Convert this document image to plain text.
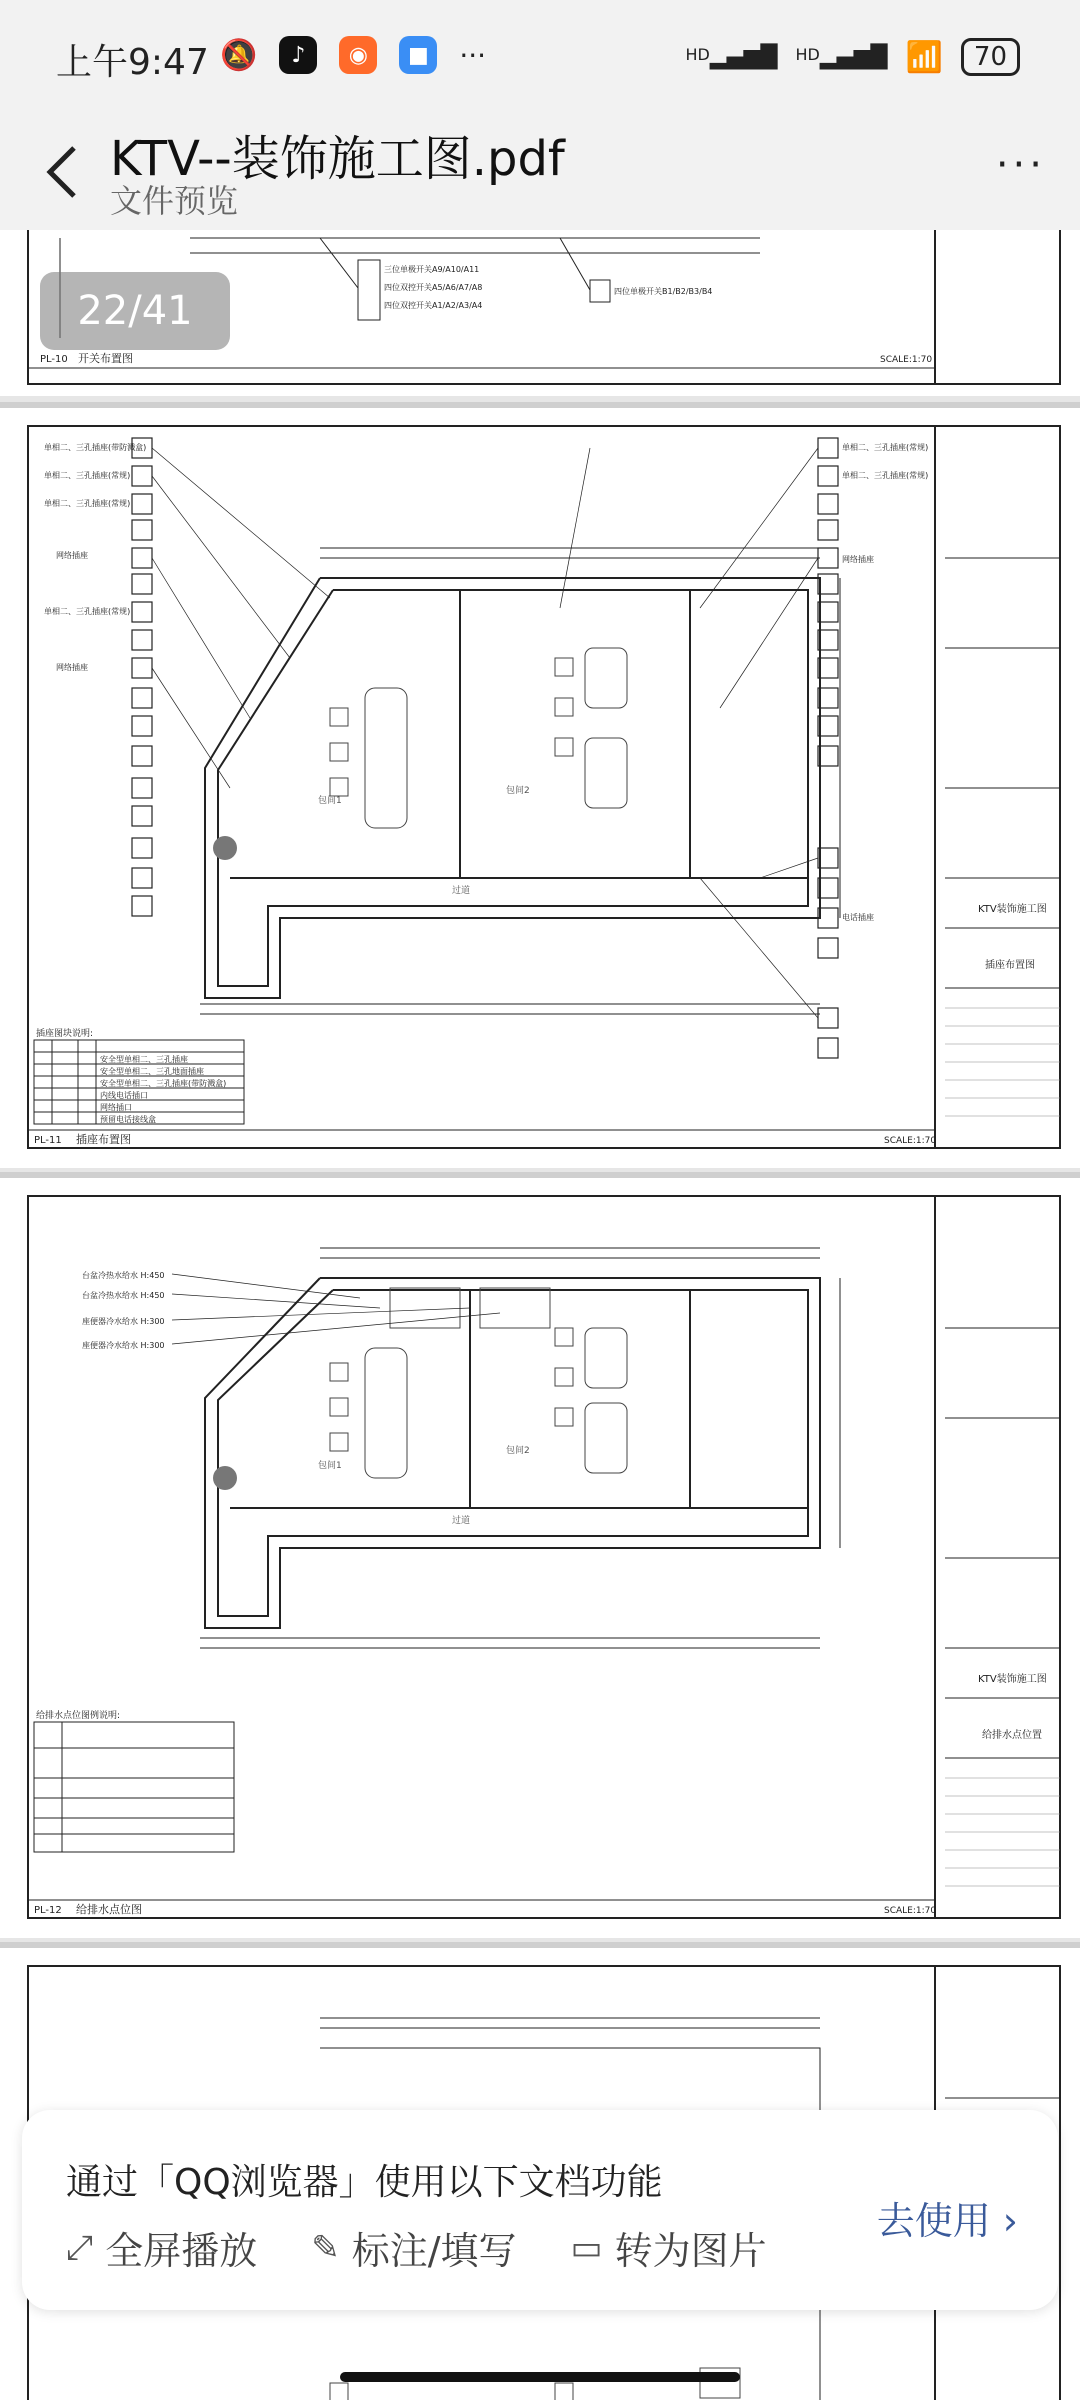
上午9:47 🔕	♪	◉	■	···	$^{HD}$▂▄▆█ $^{HD}$▂▄▆█ 📶	70
KTV--装饰施工图.pdf
文件预览
···
PL-10 开关布置图	SCALE:1:70
三位单极开关A9/A10/A11
四位双控开关A5/A6/A7/A8
四位双控开关A1/A2/A3/A4
四位单极开关B1/B2/B3/B4
PL-11 插座布置图	SCALE:1:70
KTV装饰施工图
插座布置图
包间1
包间2
过道
单相二、三孔插座(带防溅盒)
单相二、三孔插座(常规)
单相二、三孔插座(常规)
网络插座
单相二、三孔插座(常规)
网络插座
单相二、三孔插座(常规)
单相二、三孔插座(常规)
网络插座
电话插座
插座图块说明:
安全型单相二、三孔插座
安全型单相二、三孔地面插座
安全型单相二、三孔插座(带防溅盒)
内线电话插口
网络插口
预留电话接线盒
PL-12 给排水点位图	SCALE:1:70
KTV装饰施工图
给排水点位置
包间1
包间2
过道
台盆冷热水给水 H:450
台盆冷热水给水 H:450
座便器冷水给水 H:300
座便器冷水给水 H:300
给排水点位图例说明:
22/41
通过「QQ浏览器」使用以下文档功能
⤢ 全屏播放 ✎ 标注/填写 ▭ 转为图片
去使用 ›
